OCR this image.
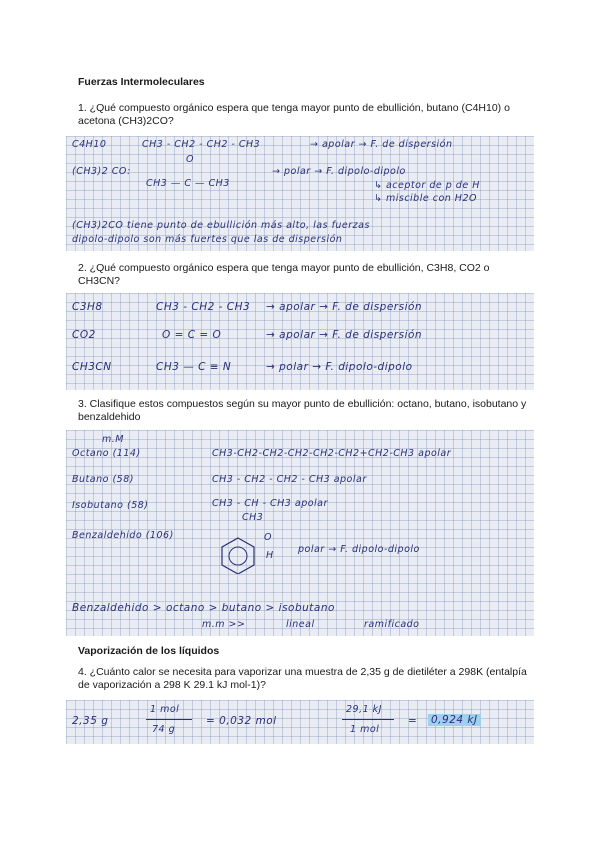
Fuerzas Intermoleculares
1. ¿Qué compuesto orgánico espera que tenga mayor punto de ebullición, butano (C4H10) o acetona (CH3)2CO?
C4H10	CH3 - CH2 - CH2 - CH3	→ apolar → F. de dispersión
(CH3)2 CO:
O
CH3 — C — CH3
→ polar → F. dipolo-dipolo
↳ aceptor de p de H
↳ miscible con H2O
(CH3)2CO tiene punto de ebullición más alto, las fuerzas
dipolo-dipolo son más fuertes que las de dispersión
2. ¿Qué compuesto orgánico espera que tenga mayor punto de ebullición, C3H8, CO2 o CH3CN?
C3H8	CH3 - CH2 - CH3 → apolar → F. de dispersión
CO2	O = C = O	→ apolar → F. de dispersión
CH3CN	CH3 — C ≡ N	→ polar → F. dipolo-dipolo
3. Clasifique estos compuestos según su mayor punto de ebullición: octano, butano, isobutano y benzaldehido
m.M
Octano (114)	CH3-CH2-CH2-CH2-CH2-CH2+CH2-CH3 apolar
Butano (58)	CH3 - CH2 - CH2 - CH3 apolar
Isobutano (58)	CH3 - CH - CH3 apolar
CH3
Benzaldehido (106)	O
H
polar → F. dipolo-dipolo
Benzaldehido > octano > butano > isobutano
m.m >>	lineal	ramificado
Vaporización de los líquidos
4. ¿Cuánto calor se necesita para vaporizar una muestra de 2,35 g de dietiléter a 298K (entalpía de vaporización a 298 K 29.1 kJ mol-1)?
2,35 g
1 mol
74 g
= 0,032 mol
29,1 kJ
1 mol
= 0,924 kJ
